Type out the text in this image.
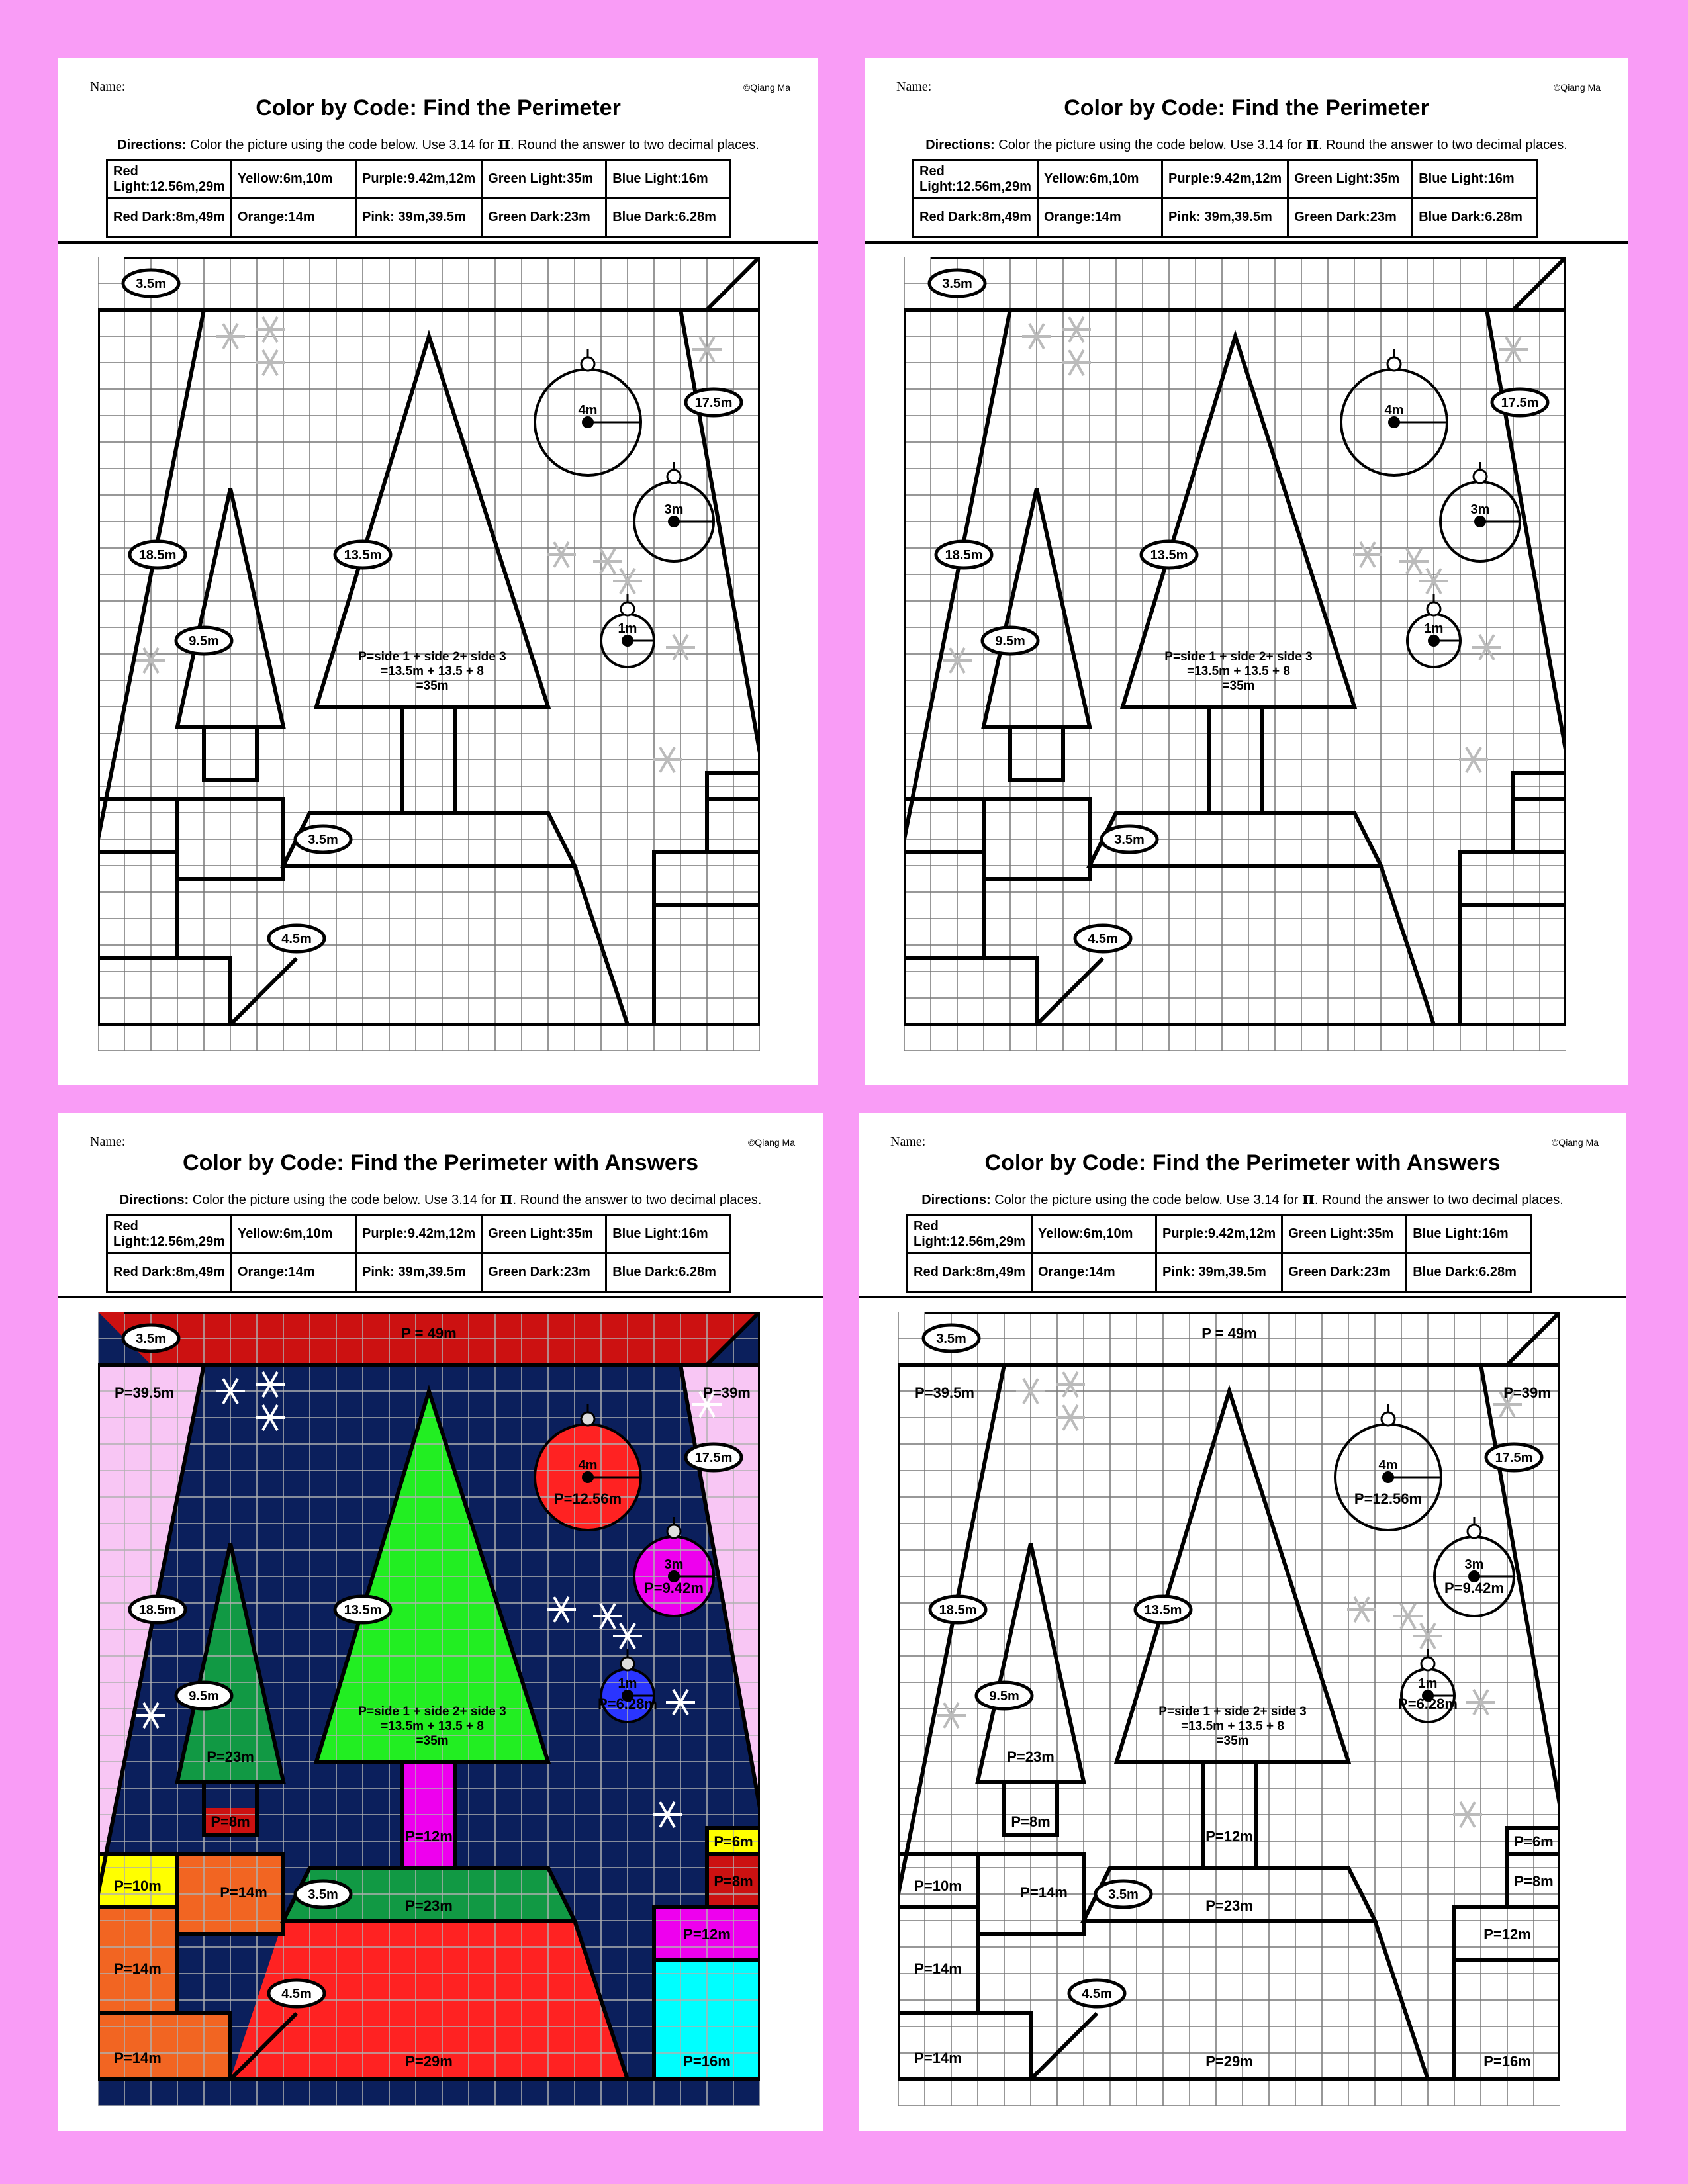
Name:	©Qiang Ma
Color by Code: Find the Perimeter
Directions: Color the picture using the code below. Use 3.14 for π. Round the answer to two decimal places.
Red Light:12.56m,29m	Yellow:6m,10m	Purple:9.42m,12m	Green Light:35m	Blue Light:16m
Red Dark:8m,49m	Orange:14m	Pink: 39m,39.5m	Green Dark:23m	Blue Dark:6.28m
3.5m
17.5m
18.5m
9.5m
13.5m
3.5m
4.5m
4m
3m
1m
P=side 1 + side 2+ side 3
=13.5m + 13.5 + 8
=35m
Name:	©Qiang Ma
Color by Code: Find the Perimeter
Directions: Color the picture using the code below. Use 3.14 for π. Round the answer to two decimal places.
Red Light:12.56m,29m	Yellow:6m,10m	Purple:9.42m,12m	Green Light:35m	Blue Light:16m
Red Dark:8m,49m	Orange:14m	Pink: 39m,39.5m	Green Dark:23m	Blue Dark:6.28m
3.5m
17.5m
18.5m
9.5m
13.5m
3.5m
4.5m
4m
3m
1m
P=side 1 + side 2+ side 3
=13.5m + 13.5 + 8
=35m
Name:	©Qiang Ma
Color by Code: Find the Perimeter with Answers
Directions: Color the picture using the code below. Use 3.14 for π. Round the answer to two decimal places.
Red Light:12.56m,29m	Yellow:6m,10m	Purple:9.42m,12m	Green Light:35m	Blue Light:16m
Red Dark:8m,49m	Orange:14m	Pink: 39m,39.5m	Green Dark:23m	Blue Dark:6.28m
3.5m
17.5m
18.5m
9.5m
13.5m
3.5m
4.5m
4m
3m
1m
P=side 1 + side 2+ side 3
=13.5m + 13.5 + 8
=35m
P = 49m
P=39.5m	P=39m
P=12.56m
P=9.42m
P=6.28m
P=23m
P=8m
P=12m
P=23m
P=29m
P=10m	P=14m
P=14m
P=14m
P=6m
P=8m
P=12m
P=16m
Name:	©Qiang Ma
Color by Code: Find the Perimeter with Answers
Directions: Color the picture using the code below. Use 3.14 for π. Round the answer to two decimal places.
Red Light:12.56m,29m	Yellow:6m,10m	Purple:9.42m,12m	Green Light:35m	Blue Light:16m
Red Dark:8m,49m	Orange:14m	Pink: 39m,39.5m	Green Dark:23m	Blue Dark:6.28m
3.5m
17.5m
18.5m
9.5m
13.5m
3.5m
4.5m
4m
3m
1m
P=side 1 + side 2+ side 3
=13.5m + 13.5 + 8
=35m
P = 49m
P=39.5m	P=39m
P=12.56m
P=9.42m
P=6.28m
P=23m
P=8m
P=12m
P=23m
P=29m
P=10m	P=14m
P=14m
P=14m
P=6m
P=8m
P=12m
P=16m
